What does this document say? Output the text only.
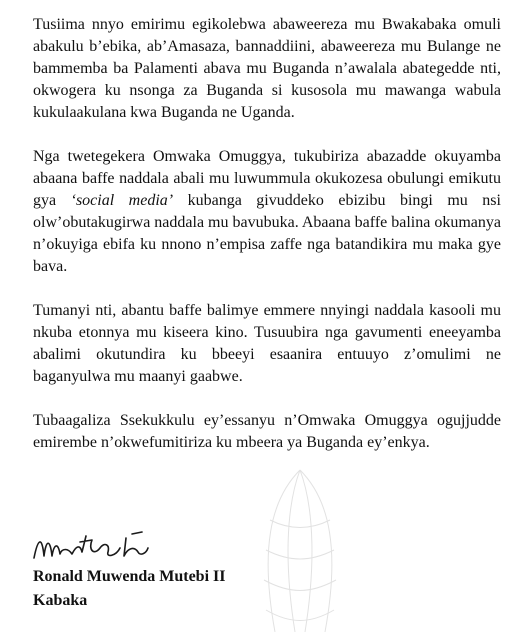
Tusiima nnyo emirimu egikolebwa abaweereza mu Bwakabaka omuli abakulu b’ebika, ab’Amasaza, bannaddiini, abaweereza mu Bulange ne bammemba ba Palamenti abava mu Buganda n’awalala abategedde nti, okwogera ku nsonga za Buganda si kusosola mu mawanga wabula kukulaakulana kwa Buganda ne Uganda.

Nga twetegekera Omwaka Omuggya, tukubiriza abazadde okuyamba abaana baffe naddala abali mu luwummula okukozesa obulungi emikutu gya ‘social media’ kubanga givuddeko ebizibu bingi mu nsi olw’obutakugirwa naddala mu bavubuka. Abaana baffe balina okumanya n’okuyiga ebifa ku nnono n’empisa zaffe nga batandikira mu maka gye bava.

Tumanyi nti, abantu baffe balimye emmere nnyingi naddala kasooli mu nkuba etonnya mu kiseera kino. Tusuubira nga gavumenti eneeyamba abalimi okutundira ku bbeeyi esaanira entuuyo z’omulimi ne baganyulwa mu maanyi gaabwe.

Tubaagaliza Ssekukkulu ey’essanyu n’Omwaka Omuggya ogujjudde emirembe n’okwefumitiriza ku mbeera ya Buganda ey’enkya.

Ronald Muwenda Mutebi II
Kabaka
